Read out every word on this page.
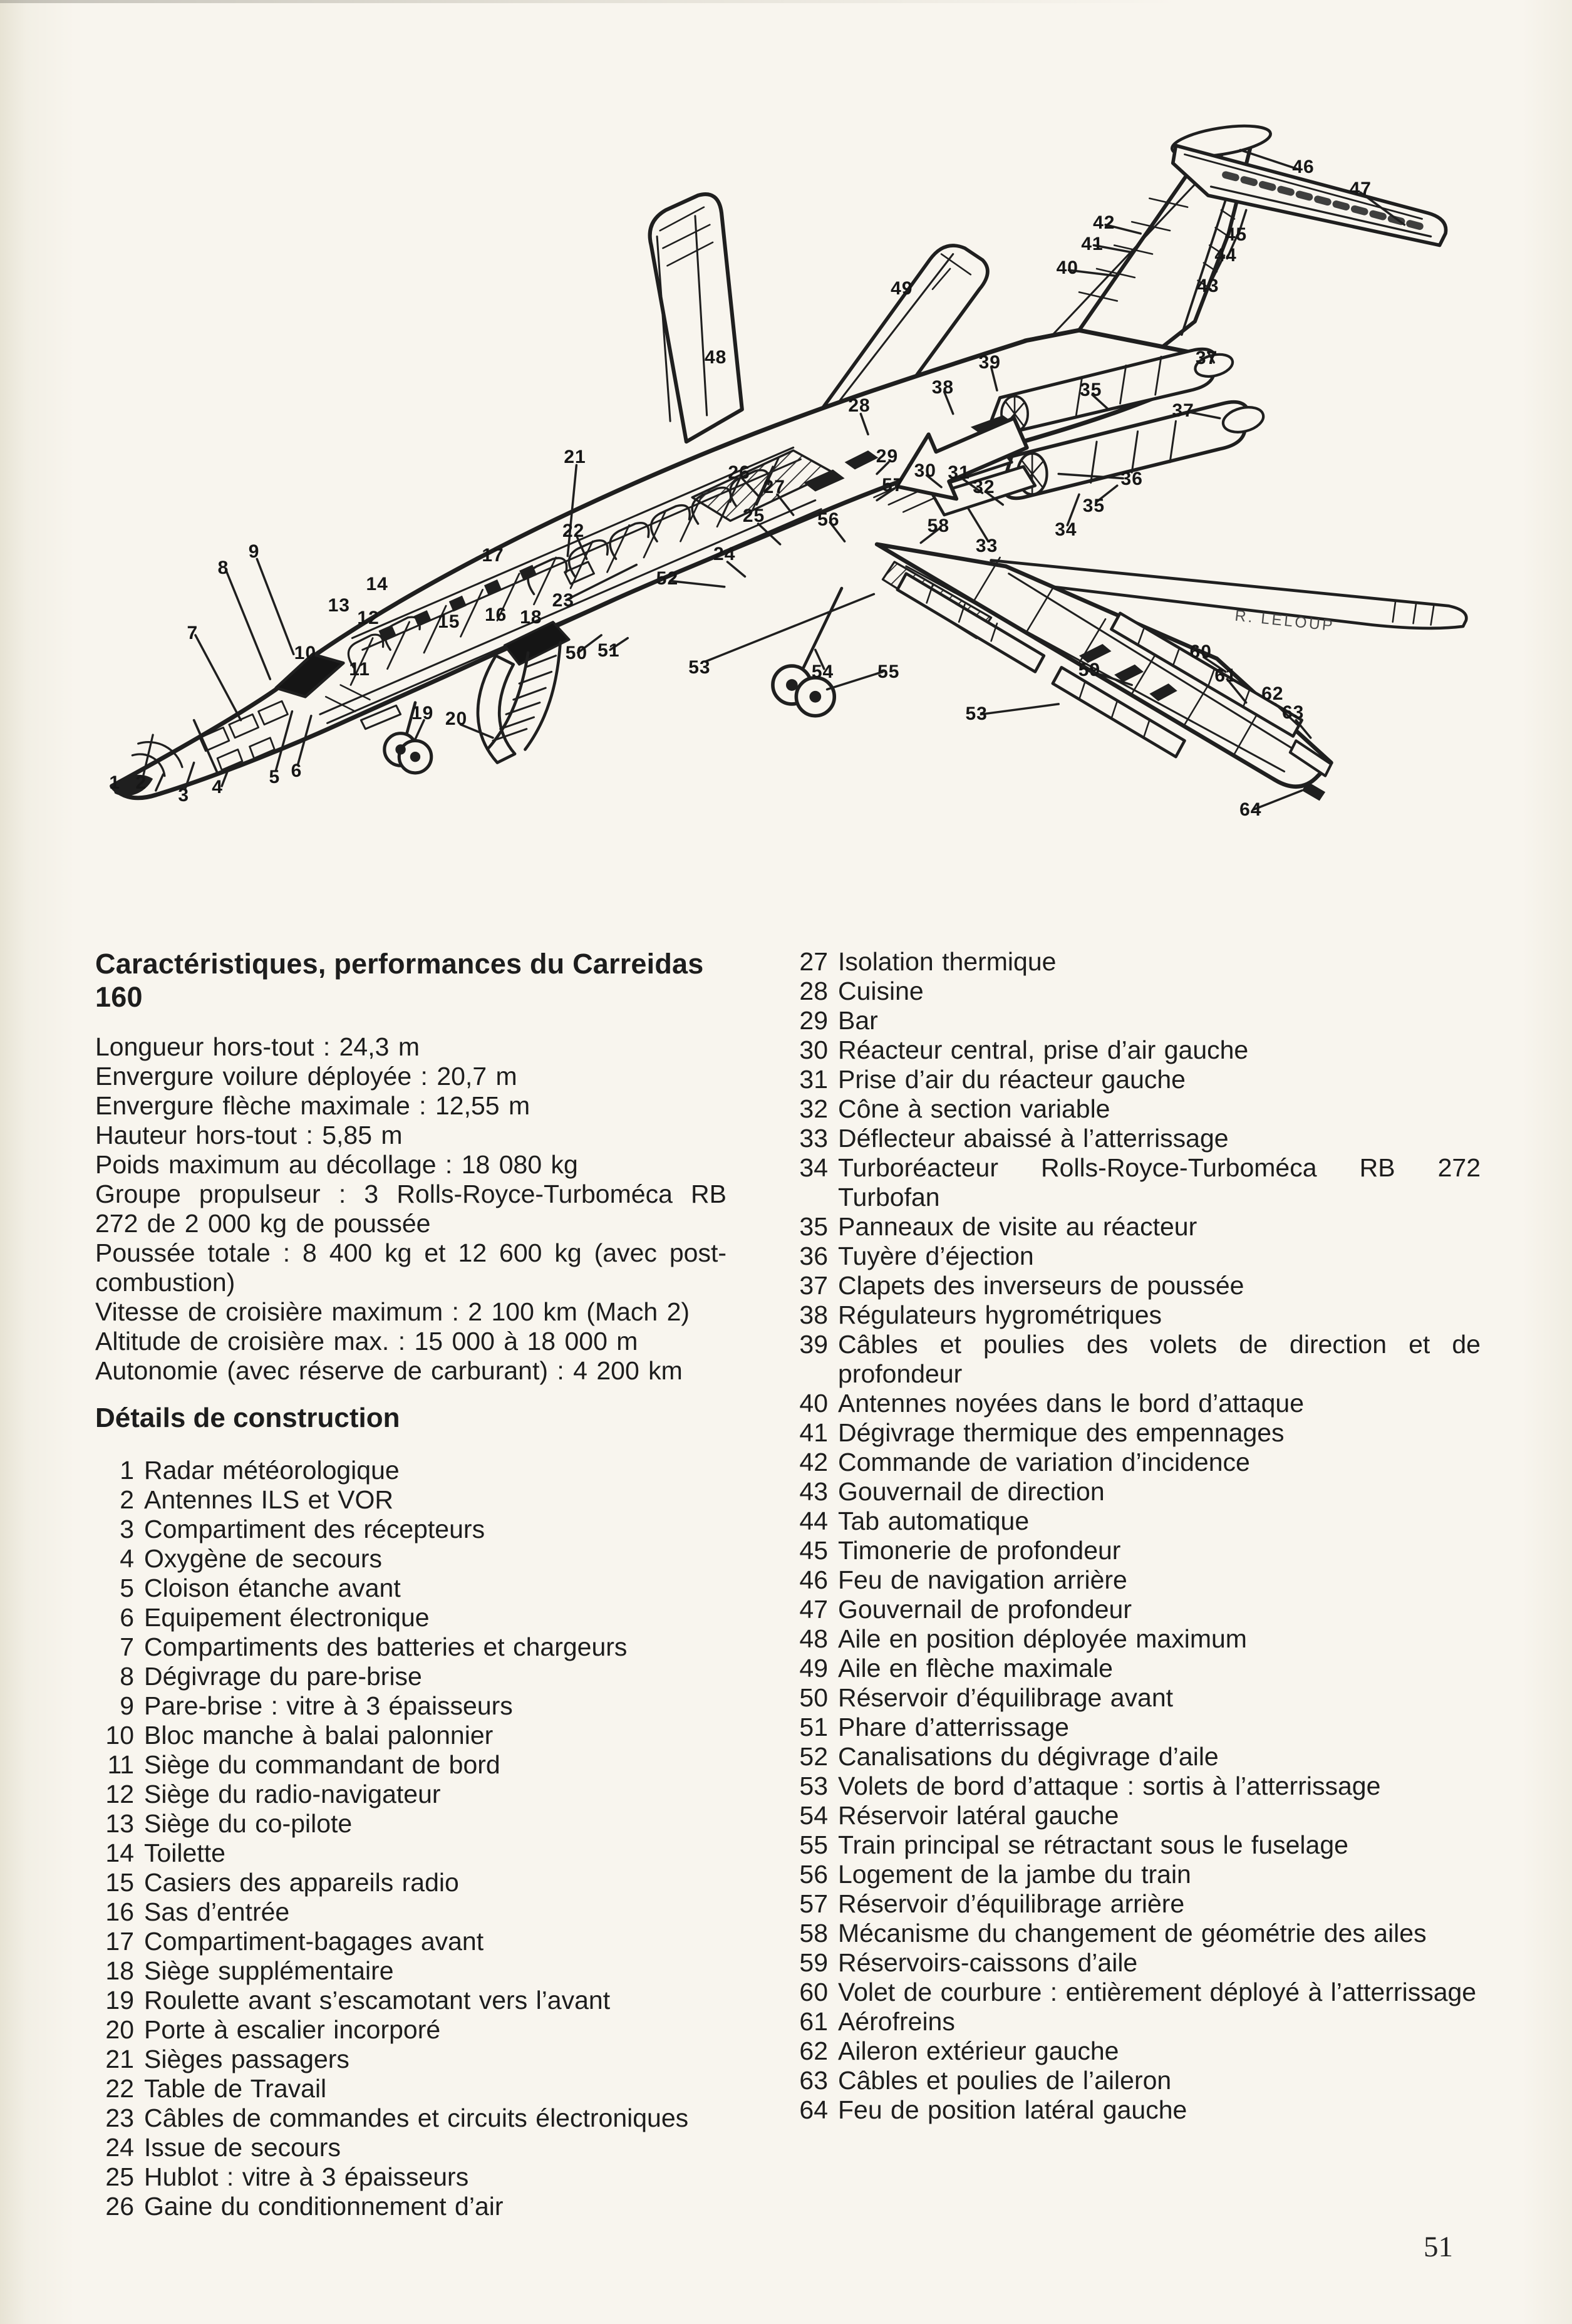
R. LELOUP
1 2
3 4 5 6
7
8
9
10
11
12
13
14
15 16
17
18
19 20
21
22
23
24
25
26
27
28
29
30 31
32
33
34
35
35
36
37
37
38
39
40
41
42
43
44
45
46
47
48
49
50 51
52
53
53
54 55
56
57
58
59
60
61
62
63
64
Caractéristiques, performances du Carreidas 160

Longueur hors-tout : 24,3 m

Envergure voilure déployée : 20,7 m

Envergure flèche maximale : 12,55 m

Hauteur hors-tout : 5,85 m

Poids maximum au décollage : 18 080 kg

Groupe propulseur : 3 Rolls-Royce-Turboméca RB 272 de 2 000 kg de poussée

Poussée totale : 8 400 kg et 12 600 kg (avec post-combustion)

Vitesse de croisière maximum : 2 100 km (Mach 2)

Altitude de croisière max. : 15 000 à 18 000 m

Autonomie (avec réserve de carburant) : 4 200 km

Détails de construction
1 Radar météorologique
2 Antennes ILS et VOR
3 Compartiment des récepteurs
4 Oxygène de secours
5 Cloison étanche avant
6 Equipement électronique
7 Compartiments des batteries et chargeurs
8 Dégivrage du pare-brise
9 Pare-brise : vitre à 3 épaisseurs
10 Bloc manche à balai palonnier
11 Siège du commandant de bord
12 Siège du radio-navigateur
13 Siège du co-pilote
14 Toilette
15 Casiers des appareils radio
16 Sas d’entrée
17 Compartiment-bagages avant
18 Siège supplémentaire
19 Roulette avant s’escamotant vers l’avant
20 Porte à escalier incorporé
21 Sièges passagers
22 Table de Travail
23 Câbles de commandes et circuits électroniques
24 Issue de secours
25 Hublot : vitre à 3 épaisseurs
26 Gaine du conditionnement d’air
27 Isolation thermique
28 Cuisine
29 Bar
30 Réacteur central, prise d’air gauche
31 Prise d’air du réacteur gauche
32 Cône à section variable
33 Déflecteur abaissé à l’atterrissage
34 Turboréacteur Rolls-Royce-Turboméca RB 272 Turbofan
35 Panneaux de visite au réacteur
36 Tuyère d’éjection
37 Clapets des inverseurs de poussée
38 Régulateurs hygrométriques
39 Câbles et poulies des volets de direction et de profondeur
40 Antennes noyées dans le bord d’attaque
41 Dégivrage thermique des empennages
42 Commande de variation d’incidence
43 Gouvernail de direction
44 Tab automatique
45 Timonerie de profondeur
46 Feu de navigation arrière
47 Gouvernail de profondeur
48 Aile en position déployée maximum
49 Aile en flèche maximale
50 Réservoir d’équilibrage avant
51 Phare d’atterrissage
52 Canalisations du dégivrage d’aile
53 Volets de bord d’attaque : sortis à l’atterrissage
54 Réservoir latéral gauche
55 Train principal se rétractant sous le fuselage
56 Logement de la jambe du train
57 Réservoir d’équilibrage arrière
58 Mécanisme du changement de géométrie des ailes
59 Réservoirs-caissons d’aile
60 Volet de courbure : entièrement déployé à l’atterrissage
61 Aérofreins
62 Aileron extérieur gauche
63 Câbles et poulies de l’aileron
64 Feu de position latéral gauche
51
